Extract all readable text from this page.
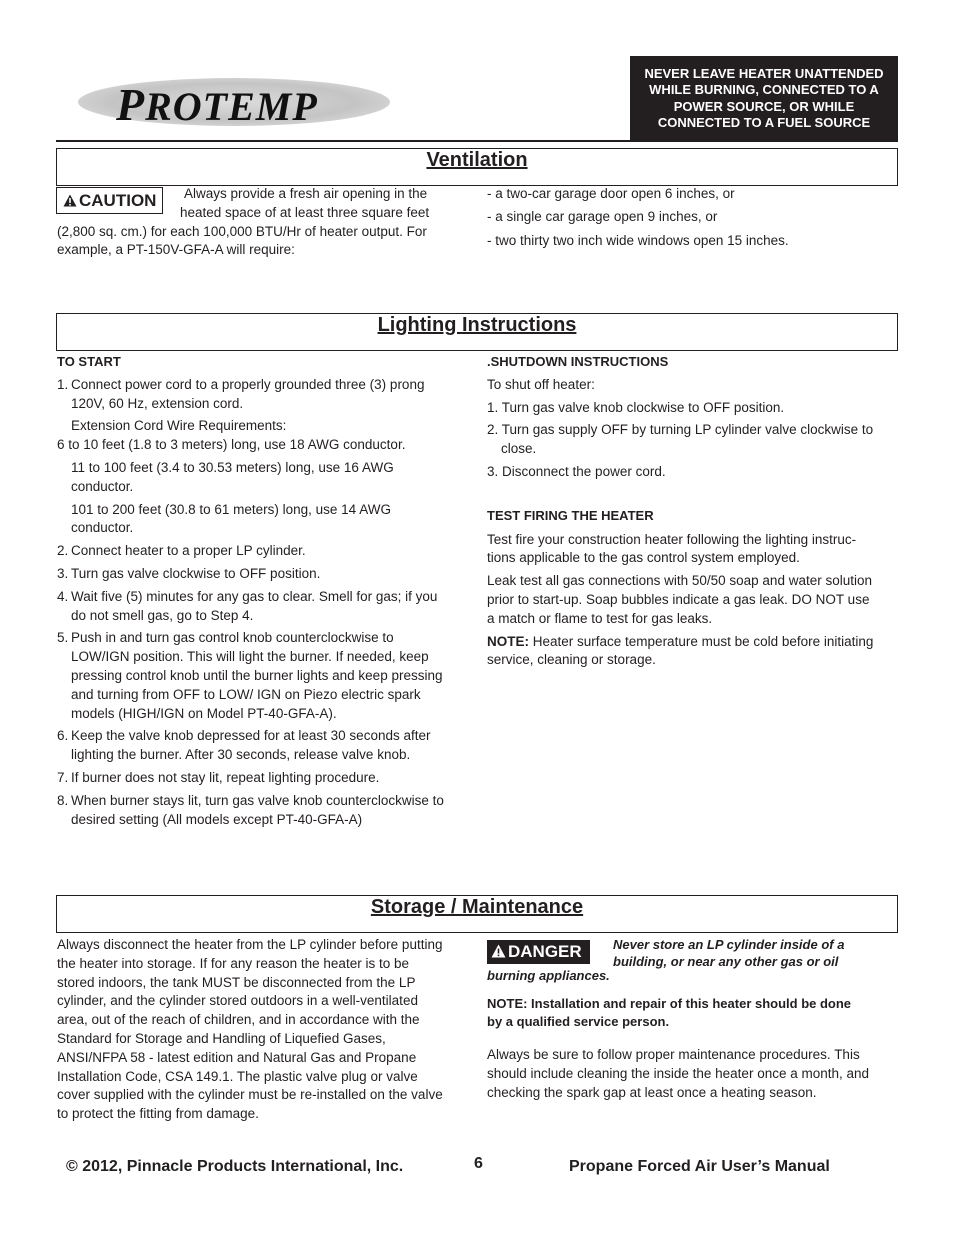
PROTEMP
NEVER LEAVE HEATER UNATTENDED
WHILE BURNING, CONNECTED TO A
POWER SOURCE, OR WHILE
CONNECTED TO A FUEL SOURCE
Ventilation
CAUTION	Always provide a fresh air opening in the
heated space of at least three square feet
(2,800 sq. cm.) for each 100,000 BTU/Hr of heater output. For
example, a PT-150V-GFA-A will require:
- a two-car garage door open 6 inches, or
- a single car garage open 9 inches, or
- two thirty two inch wide windows open 15 inches.
Lighting Instructions
TO START
1. Connect power cord to a properly grounded three (3) prong
120V, 60 Hz, extension cord.
Extension Cord Wire Requirements:
6 to 10 feet (1.8 to 3 meters) long, use 18 AWG conductor.
11 to 100 feet (3.4 to 30.53 meters) long, use 16 AWG
conductor.
101 to 200 feet (30.8 to 61 meters) long, use 14 AWG
conductor.
2. Connect heater to a proper LP cylinder.
3. Turn gas valve clockwise to OFF position.
4. Wait five (5) minutes for any gas to clear. Smell for gas; if you
do not smell gas, go to Step 4.
5. Push in and turn gas control knob counterclockwise to
LOW/IGN position. This will light the burner. If needed, keep
pressing control knob until the burner lights and keep pressing
and turning from OFF to LOW/ IGN on Piezo electric spark
models (HIGH/IGN on Model PT-40-GFA-A).
6. Keep the valve knob depressed for at least 30 seconds after
lighting the burner. After 30 seconds, release valve knob.
7. If burner does not stay lit, repeat lighting procedure.
8. When burner stays lit, turn gas valve knob counterclockwise to
desired setting (All models except PT-40-GFA-A)
.SHUTDOWN INSTRUCTIONS
To shut off heater:
1. Turn gas valve knob clockwise to OFF position.
2. Turn gas supply OFF by turning LP cylinder valve clockwise to
close.
3. Disconnect the power cord.
TEST FIRING THE HEATER
Test fire your construction heater following the lighting instruc-
tions applicable to the gas control system employed.
Leak test all gas connections with 50/50 soap and water solution
prior to start-up. Soap bubbles indicate a gas leak. DO NOT use
a match or flame to test for gas leaks.
NOTE: Heater surface temperature must be cold before initiating
service, cleaning or storage.
Storage / Maintenance
Always disconnect the heater from the LP cylinder before putting
the heater into storage. If for any reason the heater is to be
stored indoors, the tank MUST be disconnected from the LP
cylinder, and the cylinder stored outdoors in a well-ventilated
area, out of the reach of children, and in accordance with the
Standard for Storage and Handling of Liquefied Gases,
ANSI/NFPA 58 - latest edition and Natural Gas and Propane
Installation Code, CSA 149.1. The plastic valve plug or valve
cover supplied with the cylinder must be re-installed on the valve
to protect the fitting from damage.
DANGER	Never store an LP cylinder inside of a
building, or near any other gas or oil
burning appliances.
NOTE: Installation and repair of this heater should be done
by a qualified service person.
Always be sure to follow proper maintenance procedures. This
should include cleaning the inside the heater once a month, and
checking the spark gap at least once a heating season.
© 2012, Pinnacle Products International, Inc.	6	Propane Forced Air User’s Manual
